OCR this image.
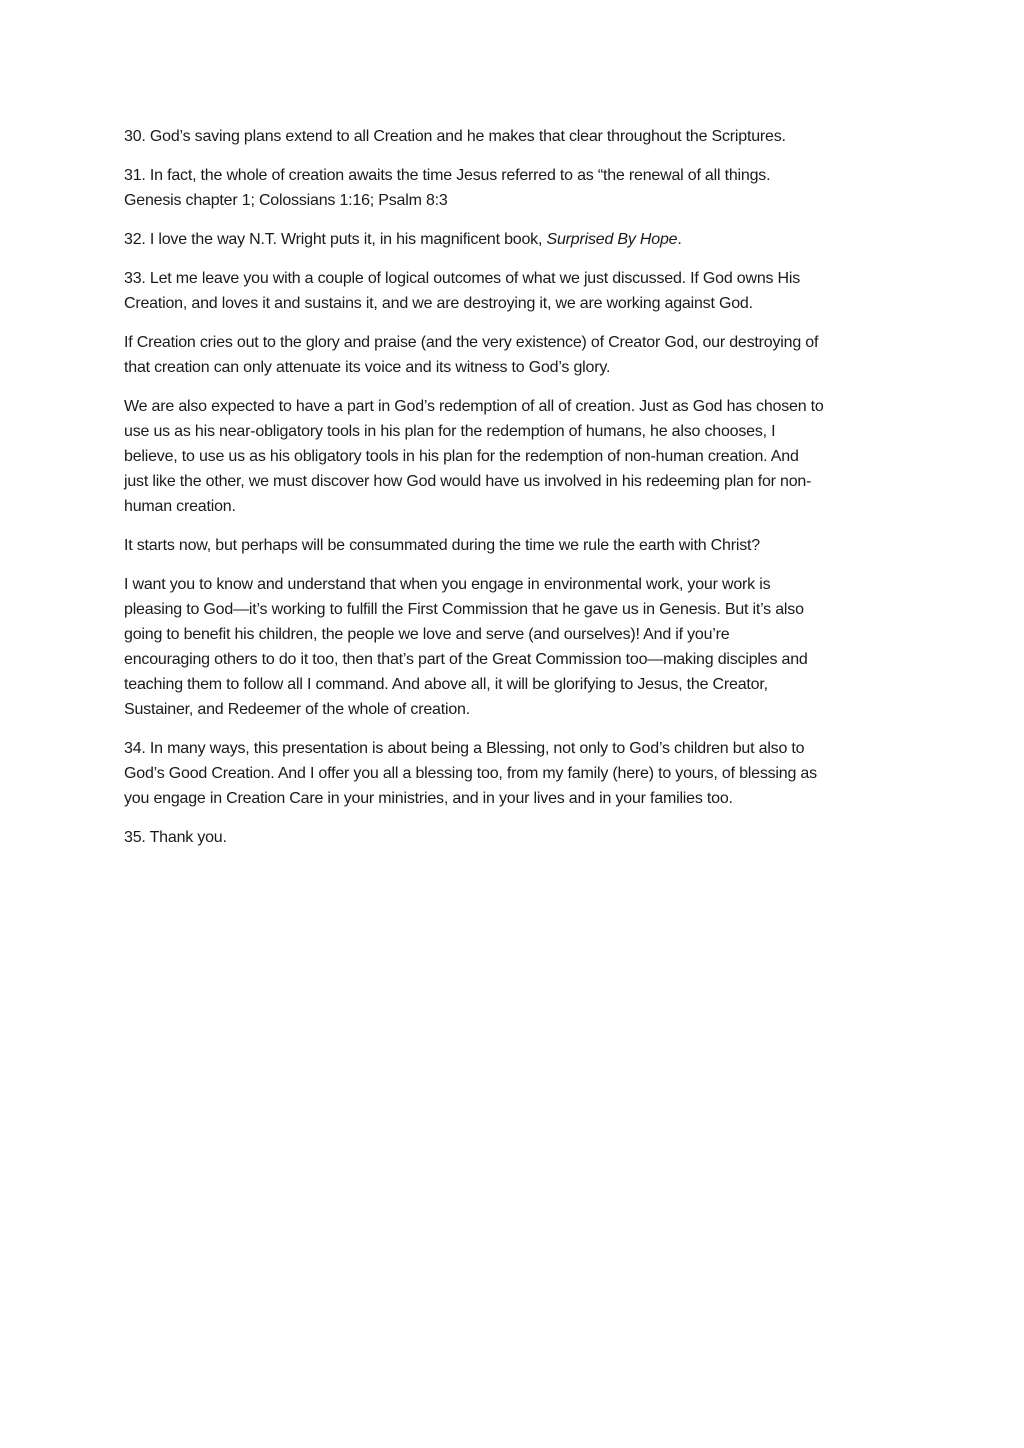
30. God’s saving plans extend to all Creation and he makes that clear throughout the Scriptures.

31. In fact, the whole of creation awaits the time Jesus referred to as “the renewal of all things.
Genesis chapter 1; Colossians 1:16; Psalm 8:3

32. I love the way N.T. Wright puts it, in his magnificent book, Surprised By Hope.

33. Let me leave you with a couple of logical outcomes of what we just discussed. If God owns His
Creation, and loves it and sustains it, and we are destroying it, we are working against God.

If Creation cries out to the glory and praise (and the very existence) of Creator God, our destroying of
that creation can only attenuate its voice and its witness to God’s glory.

We are also expected to have a part in God’s redemption of all of creation. Just as God has chosen to
use us as his near-obligatory tools in his plan for the redemption of humans, he also chooses, I
believe, to use us as his obligatory tools in his plan for the redemption of non-human creation. And
just like the other, we must discover how God would have us involved in his redeeming plan for non-
human creation.

It starts now, but perhaps will be consummated during the time we rule the earth with Christ?

I want you to know and understand that when you engage in environmental work, your work is
pleasing to God—it’s working to fulfill the First Commission that he gave us in Genesis. But it’s also
going to benefit his children, the people we love and serve (and ourselves)! And if you’re
encouraging others to do it too, then that’s part of the Great Commission too—making disciples and
teaching them to follow all I command. And above all, it will be glorifying to Jesus, the Creator,
Sustainer, and Redeemer of the whole of creation.

34. In many ways, this presentation is about being a Blessing, not only to God’s children but also to
God’s Good Creation. And I offer you all a blessing too, from my family (here) to yours, of blessing as
you engage in Creation Care in your ministries, and in your lives and in your families too.

35. Thank you.
